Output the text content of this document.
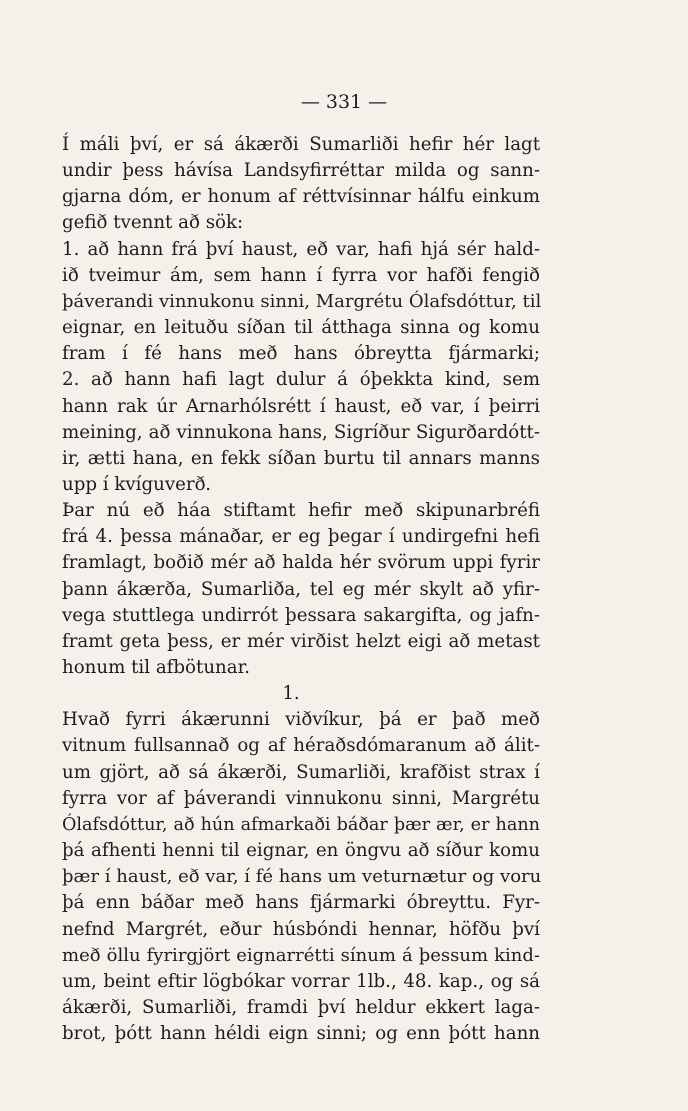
— 331 —
Í máli því, er sá ákærði Sumarliði hefir hér lagt
undir þess hávísa Landsyfirréttar milda og sann-
gjarna dóm, er honum af réttvísinnar hálfu einkum
gefið tvennt að sök:
1. að hann frá því haust, eð var, hafi hjá sér hald-
ið tveimur ám, sem hann í fyrra vor hafði fengið
þáverandi vinnukonu sinni, Margrétu Ólafsdóttur, til
eignar, en leituðu síðan til átthaga sinna og komu
fram í fé hans með hans óbreytta fjármarki;
2. að hann hafi lagt dulur á óþekkta kind, sem
hann rak úr Arnarhólsrétt í haust, eð var, í þeirri
meining, að vinnukona hans, Sigríður Sigurðardótt-
ir, ætti hana, en fekk síðan burtu til annars manns
upp í kvíguverð.
Þar nú eð háa stiftamt hefir með skipunarbréfi
frá 4. þessa mánaðar, er eg þegar í undirgefni hefi
framlagt, boðið mér að halda hér svörum uppi fyrir
þann ákærða, Sumarliða, tel eg mér skylt að yfir-
vega stuttlega undirrót þessara sakargifta, og jafn-
framt geta þess, er mér virðist helzt eigi að metast
honum til afbötunar.
1.
Hvað fyrri ákærunni viðvíkur, þá er það með
vitnum fullsannað og af héraðsdómaranum að álit-
um gjört, að sá ákærði, Sumarliði, krafðist strax í
fyrra vor af þáverandi vinnukonu sinni, Margrétu
Ólafsdóttur, að hún afmarkaði báðar þær ær, er hann
þá afhenti henni til eignar, en öngvu að síður komu
þær í haust, eð var, í fé hans um veturnætur og voru
þá enn báðar með hans fjármarki óbreyttu. Fyr-
nefnd Margrét, eður húsbóndi hennar, höfðu því
með öllu fyrirgjört eignarrétti sínum á þessum kind-
um, beint eftir lögbókar vorrar 1lb., 48. kap., og sá
ákærði, Sumarliði, framdi því heldur ekkert laga-
brot, þótt hann héldi eign sinni; og enn þótt hann
